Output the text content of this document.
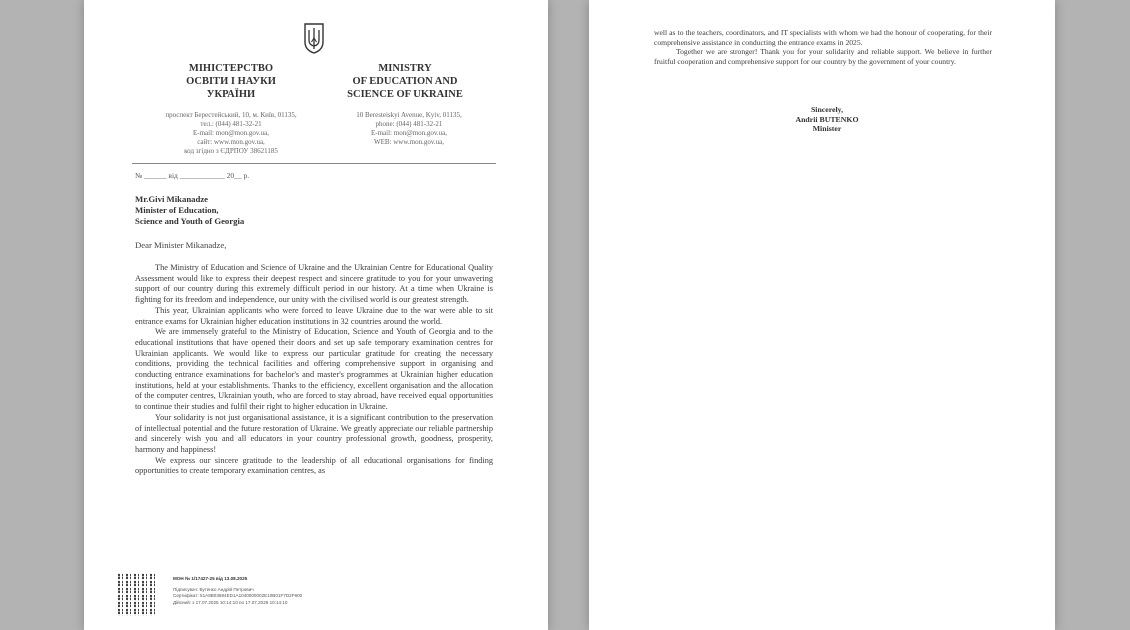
МІНІСТЕРСТВО
ОСВІТИ І НАУКИ
УКРАЇНИ
MINISTRY
OF EDUCATION AND
SCIENCE OF UKRAINE
проспект Берестейський, 10, м. Київ, 01135,
тел.: (044) 481-32-21
E-mail: mon@mon.gov.ua,
сайт: www.mon.gov.ua,
код згідно з ЄДРПОУ 38621185
10 Beresteiskyi Avenue, Kyiv, 01135,
phone: (044) 481-32-21
E-mail: mon@mon.gov.ua,
WEB: www.mon.gov.ua,
№ ______ від ____________ 20__ р.
Mr.Givi Mikanadze
Minister of Education,
Science and Youth of Georgia
Dear Minister Mikanadze,

The Ministry of Education and Science of Ukraine and the Ukrainian Centre for Educational Quality Assessment would like to express their deepest respect and sincere gratitude to you for your unwavering support of our country during this extremely difficult period in our history. At a time when Ukraine is fighting for its freedom and independence, our unity with the civilised world is our greatest strength.

This year, Ukrainian applicants who were forced to leave Ukraine due to the war were able to sit entrance exams for Ukrainian higher education institutions in 32 countries around the world.

We are immensely grateful to the Ministry of Education, Science and Youth of Georgia and to the educational institutions that have opened their doors and set up safe temporary examination centres for Ukrainian applicants. We would like to express our particular gratitude for creating the necessary conditions, providing the technical facilities and offering comprehensive support in organising and conducting entrance examinations for bachelor's and master's programmes at Ukrainian higher education institutions, held at your establishments. Thanks to the efficiency, excellent organisation and the allocation of the computer centres, Ukrainian youth, who are forced to stay abroad, have received equal opportunities to continue their studies and fulfil their right to higher education in Ukraine.

Your solidarity is not just organisational assistance, it is a significant contribution to the preservation of intellectual potential and the future restoration of Ukraine. We greatly appreciate our reliable partnership and sincerely wish you and all educators in your country professional growth, goodness, prosperity, harmony and happiness!

We express our sincere gratitude to the leadership of all educational organisations for finding opportunities to create temporary examination centres, as

МОН № 1/17427-25 від 13.08.2025
Підписувач: Бутенко Андрій Петрович
Сертифікат: 51A8B03684ED1A1040000002E10B01F7D2F900
Дійсний: з 17.07.2025 10:14:10 по 17.07.2026 10:14:10

well as to the teachers, coordinators, and IT specialists with whom we had the honour of cooperating, for their comprehensive assistance in conducting the entrance exams in 2025.

Together we are stronger! Thank you for your solidarity and reliable support. We believe in further fruitful cooperation and comprehensive support for our country by the government of your country.

Sincerely,
Andrii BUTENKO
Minister
